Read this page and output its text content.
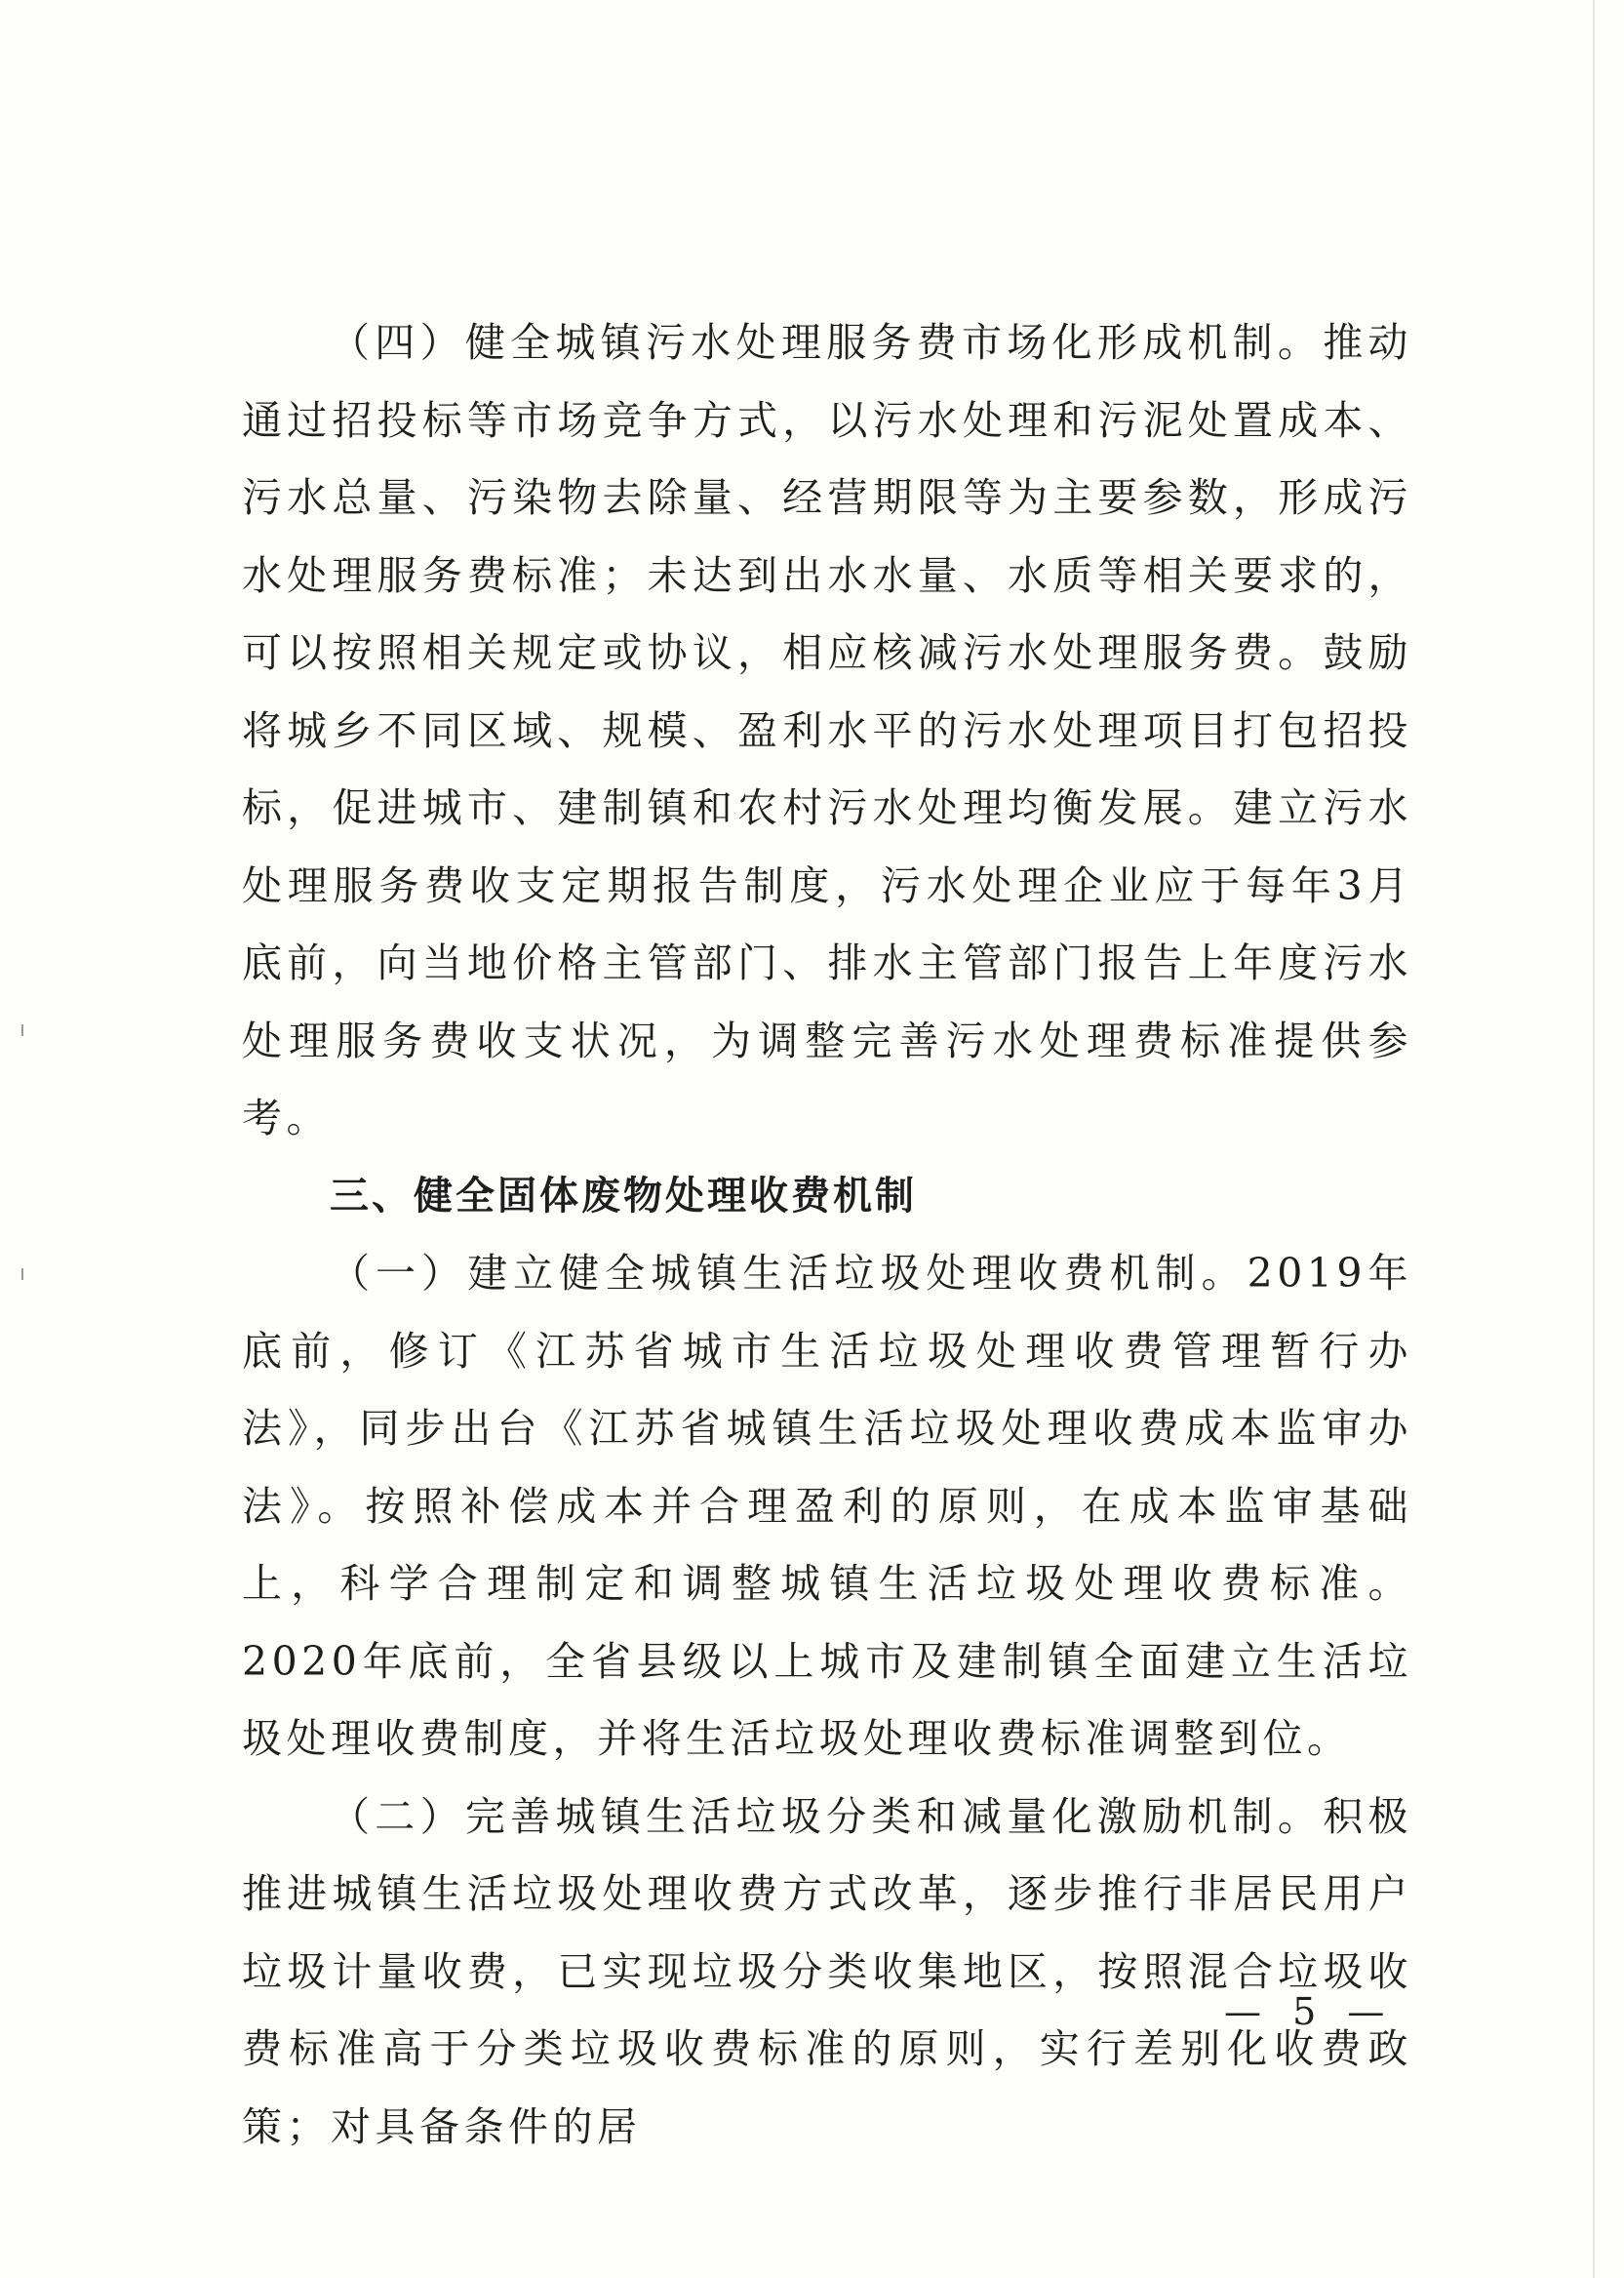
（四）健全城镇污水处理服务费市场化形成机制。推动通过招投标等市场竞争方式，以污水处理和污泥处置成本、污水总量、污染物去除量、经营期限等为主要参数，形成污水处理服务费标准；未达到出水水量、水质等相关要求的，可以按照相关规定或协议，相应核减污水处理服务费。鼓励将城乡不同区域、规模、盈利水平的污水处理项目打包招投标，促进城市、建制镇和农村污水处理均衡发展。建立污水处理服务费收支定期报告制度，污水处理企业应于每年3月底前，向当地价格主管部门、排水主管部门报告上年度污水处理服务费收支状况，为调整完善污水处理费标准提供参考。

三、健全固体废物处理收费机制

（一）建立健全城镇生活垃圾处理收费机制。2019年底前，修订《江苏省城市生活垃圾处理收费管理暂行办法》，同步出台《江苏省城镇生活垃圾处理收费成本监审办法》。按照补偿成本并合理盈利的原则，在成本监审基础上，科学合理制定和调整城镇生活垃圾处理收费标准。2020年底前，全省县级以上城市及建制镇全面建立生活垃圾处理收费制度，并将生活垃圾处理收费标准调整到位。

（二）完善城镇生活垃圾分类和减量化激励机制。积极推进城镇生活垃圾处理收费方式改革，逐步推行非居民用户垃圾计量收费，已实现垃圾分类收集地区，按照混合垃圾收费标准高于分类垃圾收费标准的原则，实行差别化收费政策；对具备条件的居

— 5 —
